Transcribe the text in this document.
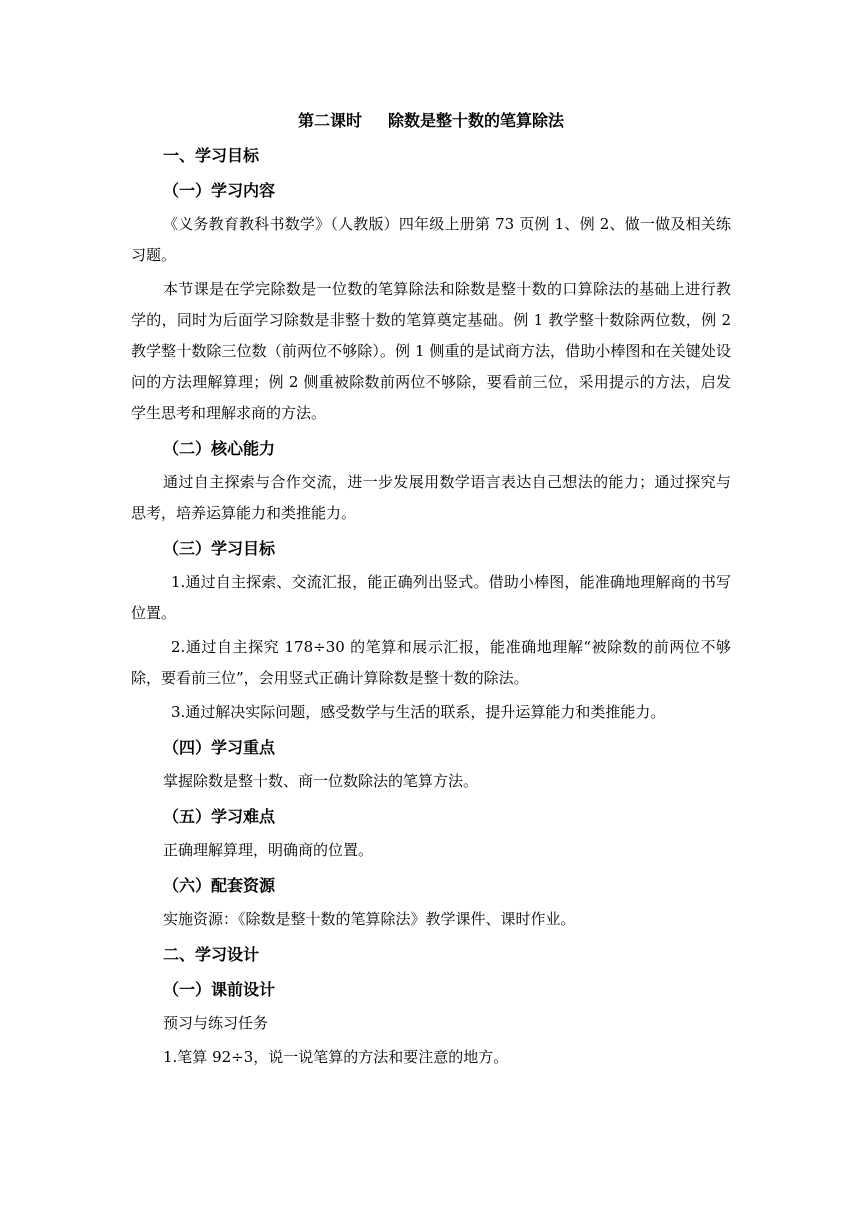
第二课时 除数是整十数的笔算除法
一、学习目标
（一）学习内容
《义务教育教科书数学》（人教版）四年级上册第 73 页例 1、例 2、做一做及相关练习题。
本节课是在学完除数是一位数的笔算除法和除数是整十数的口算除法的基础上进行教学的，同时为后面学习除数是非整十数的笔算奠定基础。例 1 教学整十数除两位数，例 2 教学整十数除三位数（前两位不够除）。例 1 侧重的是试商方法，借助小棒图和在关键处设问的方法理解算理；例 2 侧重被除数前两位不够除，要看前三位，采用提示的方法，启发学生思考和理解求商的方法。
（二）核心能力
通过自主探索与合作交流，进一步发展用数学语言表达自己想法的能力；通过探究与思考，培养运算能力和类推能力。
（三）学习目标
1.通过自主探索、交流汇报，能正确列出竖式。借助小棒图，能准确地理解商的书写位置。
2.通过自主探究 178÷30 的笔算和展示汇报，能准确地理解“被除数的前两位不够除，要看前三位”，会用竖式正确计算除数是整十数的除法。
3.通过解决实际问题，感受数学与生活的联系，提升运算能力和类推能力。
（四）学习重点
掌握除数是整十数、商一位数除法的笔算方法。
（五）学习难点
正确理解算理，明确商的位置。
（六）配套资源
实施资源：《除数是整十数的笔算除法》教学课件、课时作业。
二、学习设计
（一）课前设计
预习与练习任务
1.笔算 92÷3，说一说笔算的方法和要注意的地方。
